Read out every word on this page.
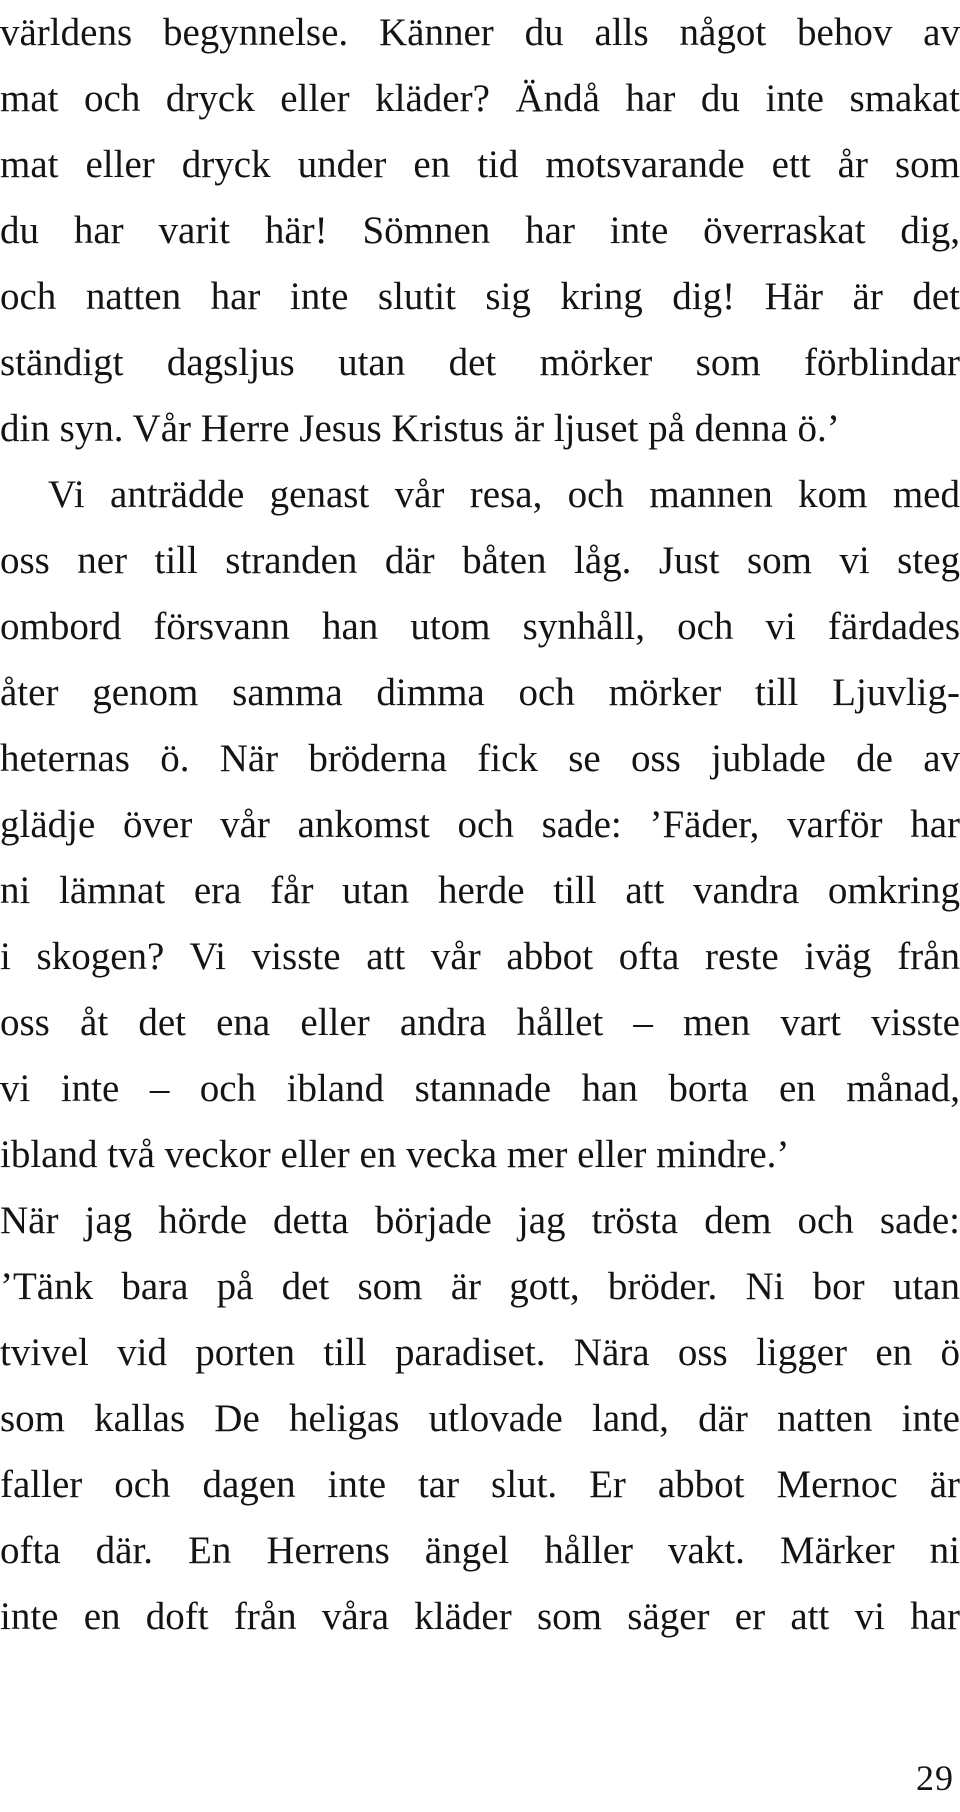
världens begynnelse. Känner du alls något behov av
mat och dryck eller kläder? Ändå har du inte smakat
mat eller dryck under en tid motsvarande ett år som
du har varit här! Sömnen har inte överraskat dig,
och natten har inte slutit sig kring dig! Här är det
ständigt dagsljus utan det mörker som förblindar
din syn. Vår Herre Jesus Kristus är ljuset på denna ö.’
Vi anträdde genast vår resa, och mannen kom med
oss ner till stranden där båten låg. Just som vi steg
ombord försvann han utom synhåll, och vi färdades
åter genom samma dimma och mörker till Ljuvlig-
heternas ö. När bröderna fick se oss jublade de av
glädje över vår ankomst och sade: ’Fäder, varför har
ni lämnat era får utan herde till att vandra omkring
i skogen? Vi visste att vår abbot ofta reste iväg från
oss åt det ena eller andra hållet – men vart visste
vi inte – och ibland stannade han borta en månad,
ibland två veckor eller en vecka mer eller mindre.’
När jag hörde detta började jag trösta dem och sade:
’Tänk bara på det som är gott, bröder. Ni bor utan
tvivel vid porten till paradiset. Nära oss ligger en ö
som kallas De heligas utlovade land, där natten inte
faller och dagen inte tar slut. Er abbot Mernoc är
ofta där. En Herrens ängel håller vakt. Märker ni
inte en doft från våra kläder som säger er att vi har
29
